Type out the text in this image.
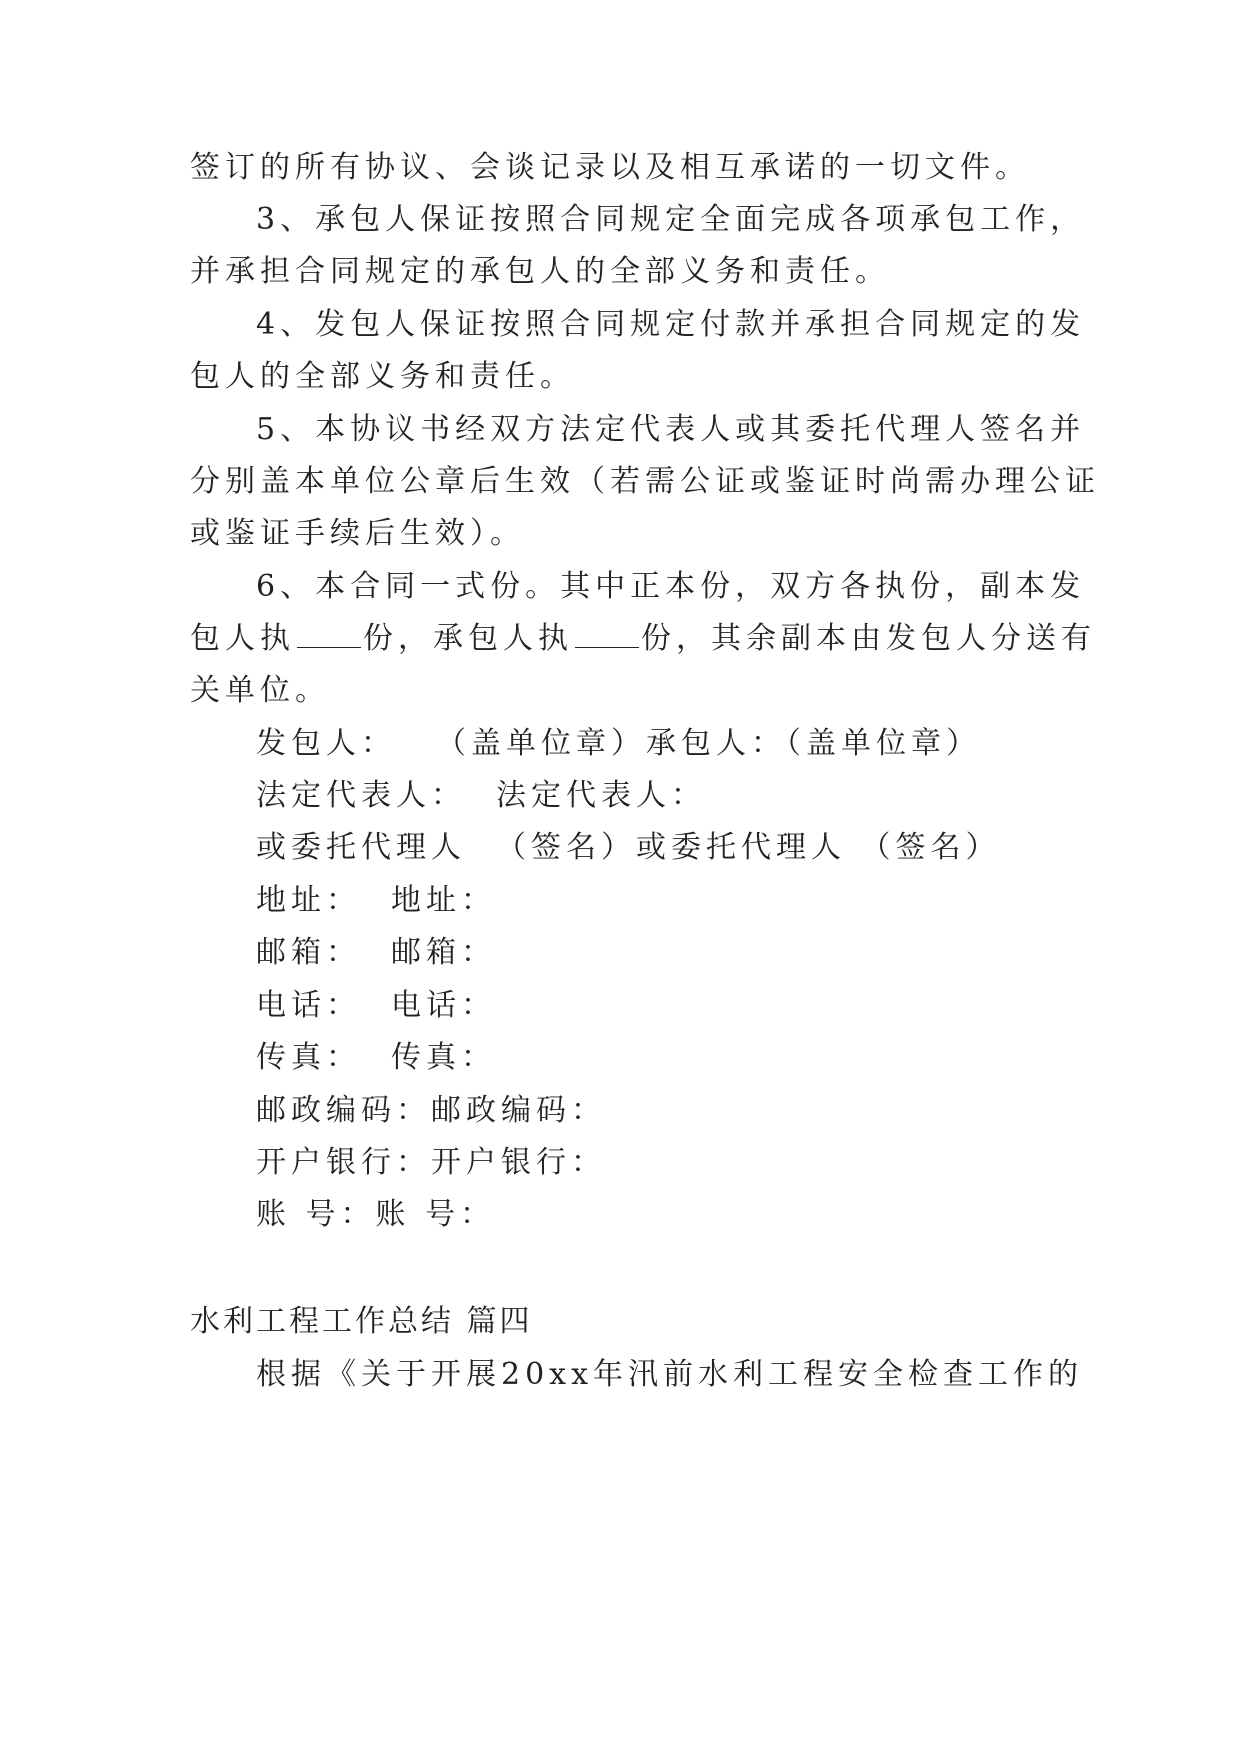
签订的所有协议、会谈记录以及相互承诺的一切文件。
3、承包人保证按照合同规定全面完成各项承包工作，
并承担合同规定的承包人的全部义务和责任。
4、发包人保证按照合同规定付款并承担合同规定的发
包人的全部义务和责任。
5、本协议书经双方法定代表人或其委托代理人签名并
分别盖本单位公章后生效（若需公证或鉴证时尚需办理公证
或鉴证手续后生效）。
6、本合同一式份。其中正本份，双方各执份，副本发
包人执 份，承包人执 份，其余副本由发包人分送有
关单位。
发包人： （盖单位章）承包人：（盖单位章）
法定代表人： 法定代表人：
或委托代理人 （签名）或委托代理人 （签名）
地址： 地址：
邮箱： 邮箱：
电话： 电话：
传真： 传真：
邮政编码：邮政编码：
开户银行：开户银行：
账 号：账 号：
水利工程工作总结 篇四
根据《关于开展20xx年汛前水利工程安全检查工作的
